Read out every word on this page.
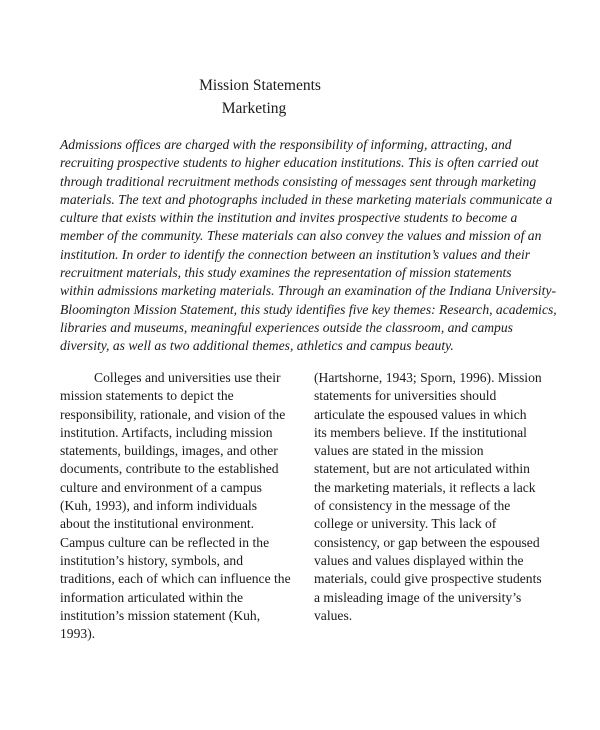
Mission Statements
Marketing
Admissions offices are charged with the responsibility of informing, attracting, and
recruiting prospective students to higher education institutions. This is often carried out
through traditional recruitment methods consisting of messages sent through marketing
materials. The text and photographs included in these marketing materials communicate a
culture that exists within the institution and invites prospective students to become a
member of the community. These materials can also convey the values and mission of an
institution. In order to identify the connection between an institution’s values and their
recruitment materials, this study examines the representation of mission statements
within admissions marketing materials. Through an examination of the Indiana University-
Bloomington Mission Statement, this study identifies five key themes: Research, academics,
libraries and museums, meaningful experiences outside the classroom, and campus
diversity, as well as two additional themes, athletics and campus beauty.
Colleges and universities use their
mission statements to depict the
responsibility, rationale, and vision of the
institution. Artifacts, including mission
statements, buildings, images, and other
documents, contribute to the established
culture and environment of a campus
(Kuh, 1993), and inform individuals
about the institutional environment.
Campus culture can be reflected in the
institution’s history, symbols, and
traditions, each of which can influence the
information articulated within the
institution’s mission statement (Kuh,
1993).
(Hartshorne, 1943; Sporn, 1996). Mission
statements for universities should
articulate the espoused values in which
its members believe. If the institutional
values are stated in the mission
statement, but are not articulated within
the marketing materials, it reflects a lack
of consistency in the message of the
college or university. This lack of
consistency, or gap between the espoused
values and values displayed within the
materials, could give prospective students
a misleading image of the university’s
values.
